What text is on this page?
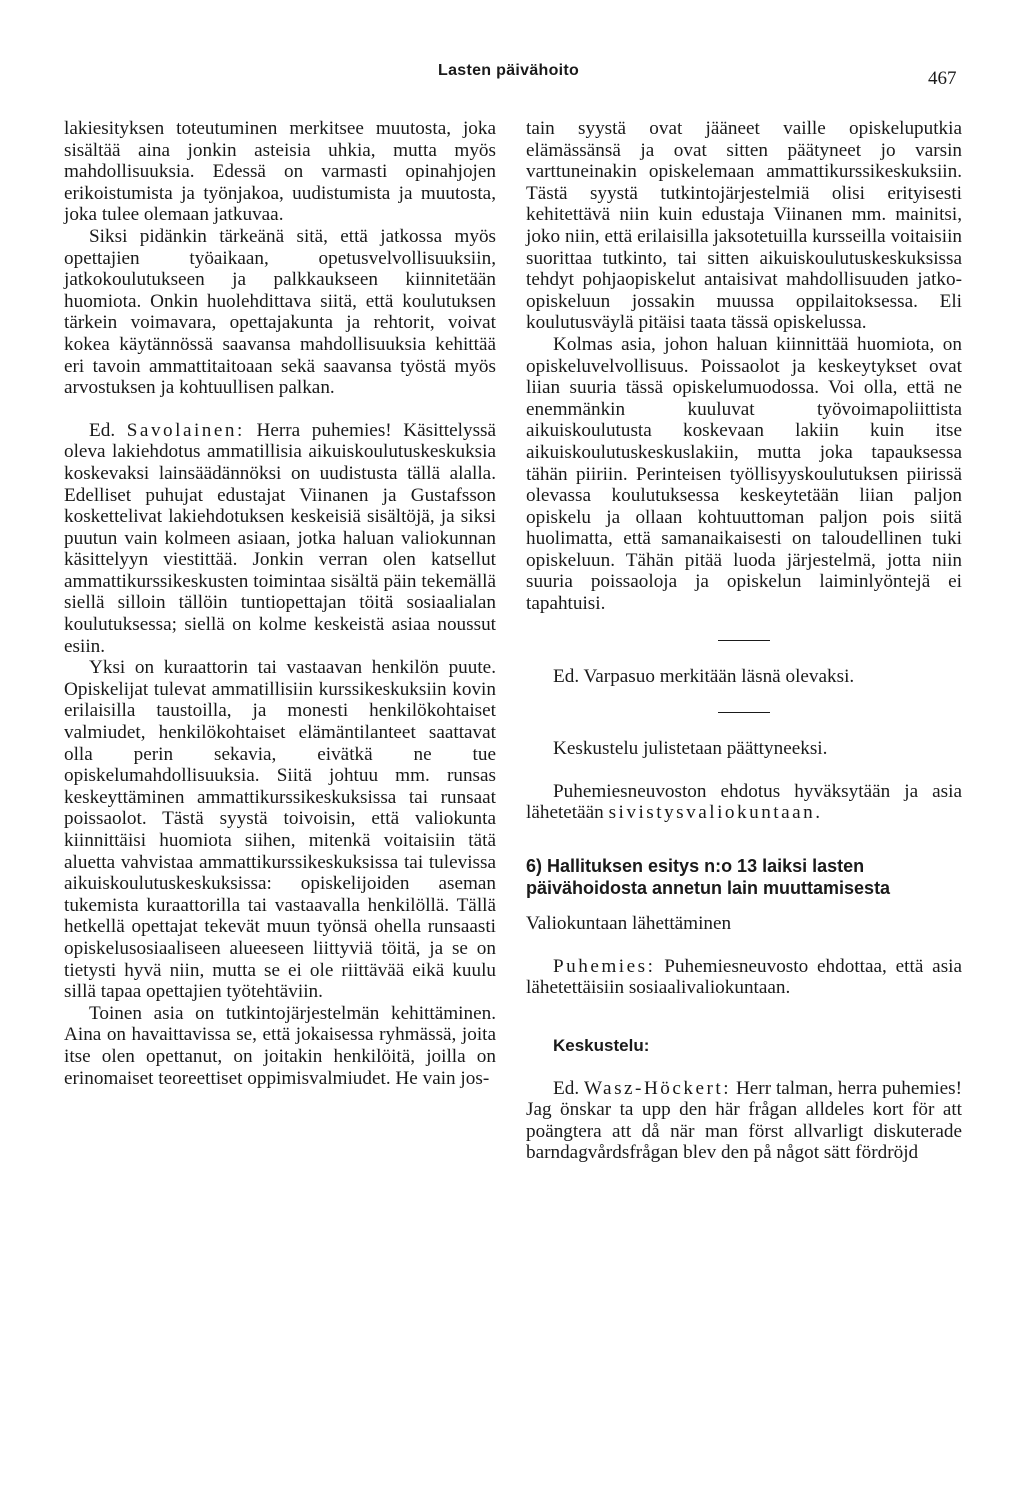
Lasten päivähoito	467

lakiesityksen toteutuminen merkitsee muutosta, joka sisältää aina jonkin asteisia uhkia, mutta myös mahdollisuuksia. Edessä on varmasti opinahjojen erikoistumista ja työnjakoa, uudistumista ja muutosta, joka tulee olemaan jatkuvaa.

Siksi pidänkin tärkeänä sitä, että jatkossa myös opettajien työaikaan, opetusvelvollisuuksiin, jatkokoulutukseen ja palkkaukseen kiinnitetään huomiota. Onkin huolehdittava siitä, että koulutuksen tärkein voimavara, opettajakunta ja rehtorit, voivat kokea käytännössä saavansa mahdollisuuksia kehittää eri tavoin ammattitaitoaan sekä saavansa työstä myös arvostuksen ja kohtuullisen palkan.

Ed. Savolainen: Herra puhemies! Käsittelyssä oleva lakiehdotus ammatillisia aikuiskoulutuskeskuksia koskevaksi lainsäädännöksi on uudistusta tällä alalla. Edelliset puhujat edustajat Viinanen ja Gustafsson koskettelivat lakiehdotuksen keskeisiä sisältöjä, ja siksi puutun vain kolmeen asiaan, jotka haluan valiokunnan käsittelyyn viestittää. Jonkin verran olen katsellut ammattikurssikeskusten toimintaa sisältä päin tekemällä siellä silloin tällöin tuntiopettajan töitä sosiaalialan koulutuksessa; siellä on kolme keskeistä asiaa noussut esiin.

Yksi on kuraattorin tai vastaavan henkilön puute. Opiskelijat tulevat ammatillisiin kurssikeskuksiin kovin erilaisilla taustoilla, ja monesti henkilökohtaiset valmiudet, henkilökohtaiset elämäntilanteet saattavat olla perin sekavia, eivätkä ne tue opiskelumahdollisuuksia. Siitä johtuu mm. runsas keskeyttäminen ammattikurssikeskuksissa tai runsaat poissaolot. Tästä syystä toivoisin, että valiokunta kiinnittäisi huomiota siihen, mitenkä voitaisiin tätä aluetta vahvistaa ammattikurssikeskuksissa tai tulevissa aikuiskoulutuskeskuksissa: opiskelijoiden aseman tukemista kuraattorilla tai vastaavalla henkilöllä. Tällä hetkellä opettajat tekevät muun työnsä ohella runsaasti opiskelusosiaaliseen alueeseen liittyviä töitä, ja se on tietysti hyvä niin, mutta se ei ole riittävää eikä kuulu sillä tapaa opettajien työtehtäviin.

Toinen asia on tutkintojärjestelmän kehittäminen. Aina on havaittavissa se, että jokaisessa ryhmässä, joita itse olen opettanut, on joitakin henkilöitä, joilla on erinomaiset teoreettiset oppimisvalmiudet. He vain jos-

tain syystä ovat jääneet vaille opiskeluputkia elämässänsä ja ovat sitten päätyneet jo varsin varttuneinakin opiskelemaan ammattikurssikeskuksiin. Tästä syystä tutkintojärjestelmiä olisi erityisesti kehitettävä niin kuin edustaja Viinanen mm. mainitsi, joko niin, että erilaisilla jaksotetuilla kursseilla voitaisiin suorittaa tutkinto, tai sitten aikuiskoulutuskeskuksissa tehdyt pohjaopiskelut antaisivat mahdollisuuden jatko-opiskeluun jossakin muussa oppilaitoksessa. Eli koulutusväylä pitäisi taata tässä opiskelussa.

Kolmas asia, johon haluan kiinnittää huomiota, on opiskeluvelvollisuus. Poissaolot ja keskeytykset ovat liian suuria tässä opiskelumuodossa. Voi olla, että ne enemmänkin kuuluvat työvoimapoliittista aikuiskoulutusta koskevaan lakiin kuin itse aikuiskoulutuskeskuslakiin, mutta joka tapauksessa tähän piiriin. Perinteisen työllisyyskoulutuksen piirissä olevassa koulutuksessa keskeytetään liian paljon opiskelu ja ollaan kohtuuttoman paljon pois siitä huolimatta, että samanaikaisesti on taloudellinen tuki opiskeluun. Tähän pitää luoda järjestelmä, jotta niin suuria poissaoloja ja opiskelun laiminlyöntejä ei tapahtuisi.

Ed. Varpasuo merkitään läsnä olevaksi.

Keskustelu julistetaan päättyneeksi.

Puhemiesneuvoston ehdotus hyväksytään ja asia lähetetään sivistysvaliokuntaan.

6) Hallituksen esitys n:o 13 laiksi lasten päivähoidosta annetun lain muuttamisesta

Valiokuntaan lähettäminen

Puhemies: Puhemiesneuvosto ehdottaa, että asia lähetettäisiin sosiaalivaliokuntaan.

Keskustelu:

Ed. Wasz-Höckert: Herr talman, herra puhemies! Jag önskar ta upp den här frågan alldeles kort för att poängtera att då när man först allvarligt diskuterade barndagvårdsfrågan blev den på något sätt fördröjd
